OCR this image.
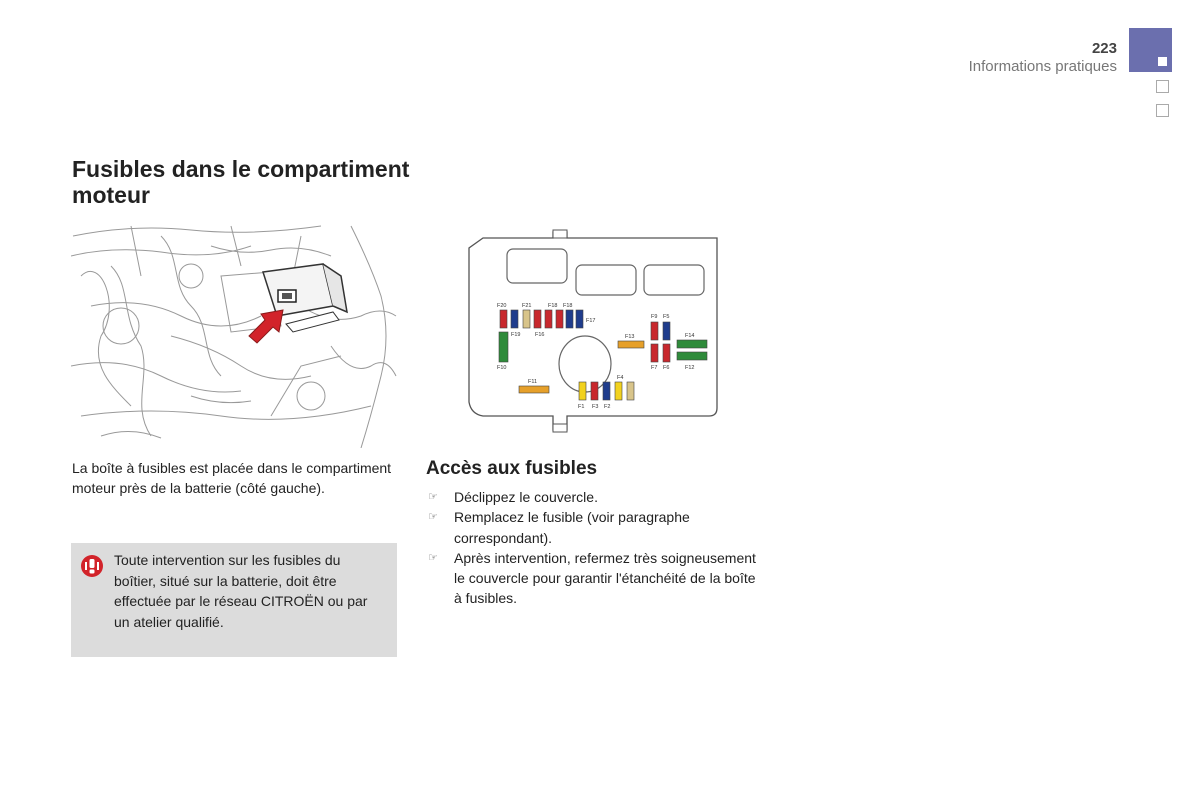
223
Informations pratiques
Fusibles dans le compartiment moteur
F20	F21	F18 F18
F19	F16
F17
F10
F13
F9 F5
F7 F6
F14
F12
F11
F4
F1 F3 F2

La boîte à fusibles est placée dans le compartiment moteur près de la batterie (côté gauche).

Toute intervention sur les fusibles du boîtier, situé sur la batterie, doit être effectuée par le réseau CITROËN ou par un atelier qualifié.

Accès aux fusibles
☞ Déclippez le couvercle.
☞ Remplacez le fusible (voir paragraphe correspondant).
☞ Après intervention, refermez très soigneusement le couvercle pour garantir l'étanchéité de la boîte à fusibles.
